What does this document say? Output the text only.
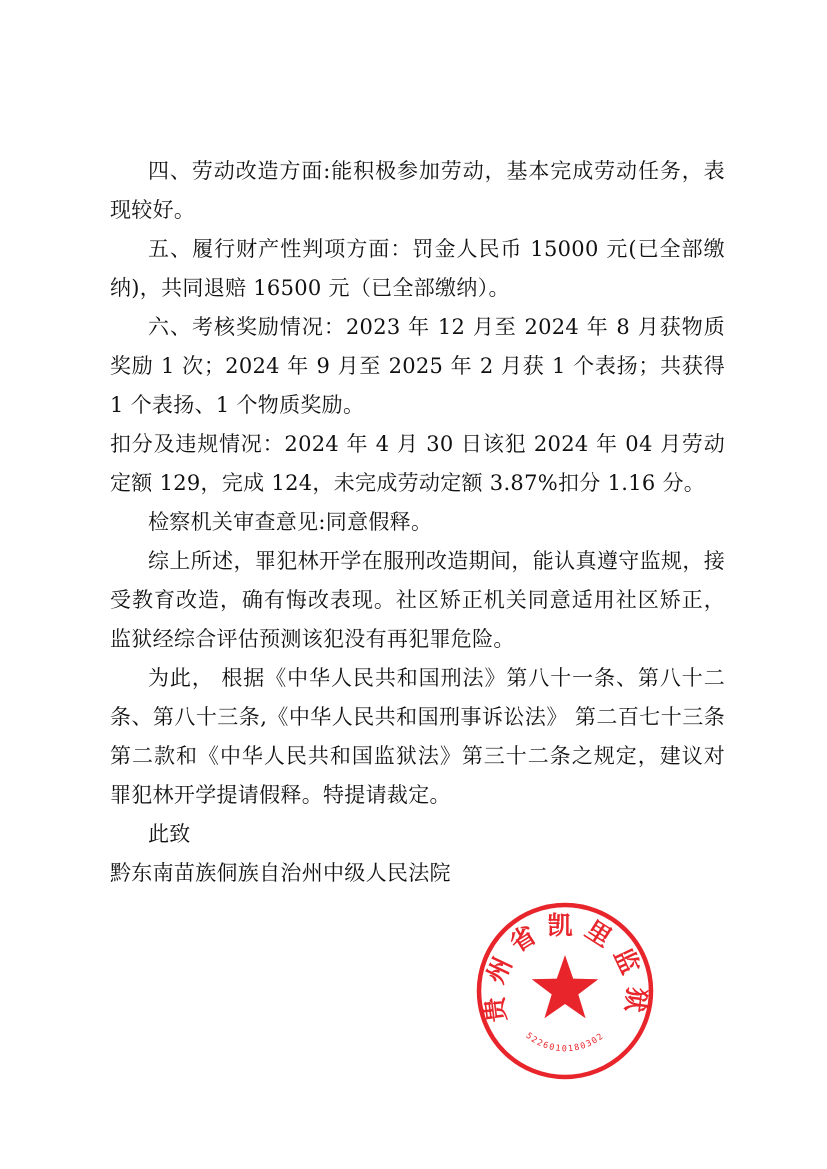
四、劳动改造方面:能积极参加劳动，基本完成劳动任务，表现较好。

五、履行财产性判项方面：罚金人民币 15000 元(已全部缴纳)，共同退赔 16500 元（已全部缴纳）。

六、考核奖励情况：2023 年 12 月至 2024 年 8 月获物质奖励 1 次；2024 年 9 月至 2025 年 2 月获 1 个表扬；共获得 1 个表扬、1 个物质奖励。

扣分及违规情况：2024 年 4 月 30 日该犯 2024 年 04 月劳动定额 129，完成 124，未完成劳动定额 3.87%扣分 1.16 分。

检察机关审查意见:同意假释。

综上所述，罪犯林开学在服刑改造期间，能认真遵守监规，接受教育改造，确有悔改表现。社区矫正机关同意适用社区矫正，监狱经综合评估预测该犯没有再犯罪危险。

为此， 根据《中华人民共和国刑法》第八十一条、第八十二条、第八十三条,《中华人民共和国刑事诉讼法》 第二百七十三条第二款和《中华人民共和国监狱法》第三十二条之规定，建议对罪犯林开学提请假释。特提请裁定。

此致

黔东南苗族侗族自治州中级人民法院

贵州省凯里监狱
5226010180302
